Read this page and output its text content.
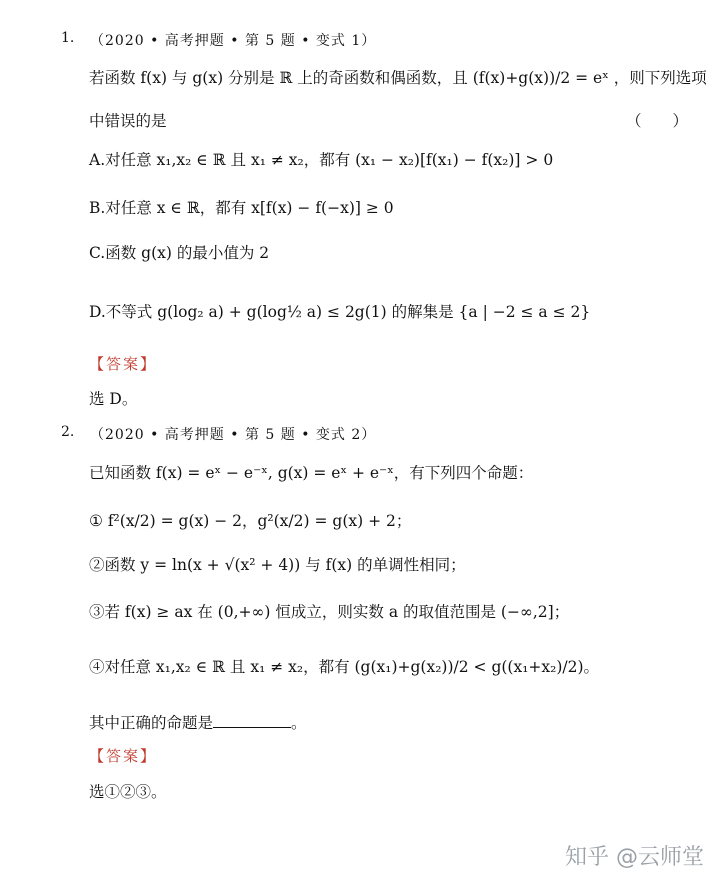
1. （2020 • 高考押题 • 第 5 题 • 变式 1）
若函数 f(x) 与 g(x) 分别是 ℝ 上的奇函数和偶函数，且 (f(x)+g(x))/2 = eˣ ，则下列选项
中错误的是	（　　）
A.对任意 x₁,x₂ ∈ ℝ 且 x₁ ≠ x₂，都有 (x₁ − x₂)[f(x₁) − f(x₂)] > 0
B.对任意 x ∈ ℝ，都有 x[f(x) − f(−x)] ≥ 0
C.函数 g(x) 的最小值为 2
D.不等式 g(log₂ a) + g(log½ a) ≤ 2g(1) 的解集是 {a | −2 ≤ a ≤ 2}
【答案】
选 D。
2. （2020 • 高考押题 • 第 5 题 • 变式 2）
已知函数 f(x) = eˣ − e⁻ˣ, g(x) = eˣ + e⁻ˣ，有下列四个命题：
① f²(x/2) = g(x) − 2，g²(x/2) = g(x) + 2；
②函数 y = ln(x + √(x² + 4)) 与 f(x) 的单调性相同；
③若 f(x) ≥ ax 在 (0,+∞) 恒成立，则实数 a 的取值范围是 (−∞,2]；
④对任意 x₁,x₂ ∈ ℝ 且 x₁ ≠ x₂，都有 (g(x₁)+g(x₂))/2 < g((x₁+x₂)/2)。
其中正确的命题是	。
【答案】
选①②③。
知乎 @云师堂
